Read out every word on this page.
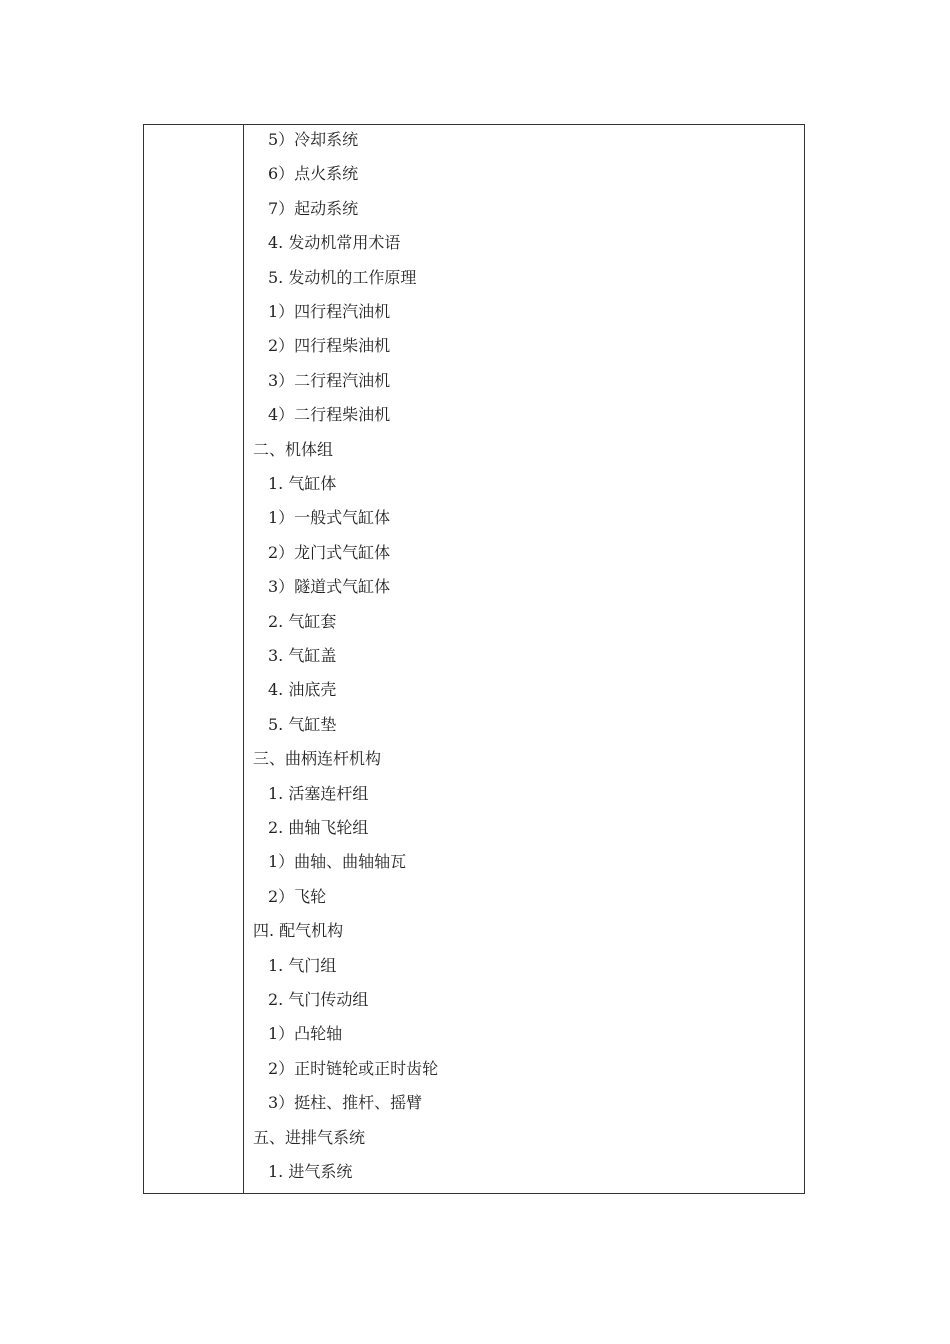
5）冷却系统
6）点火系统
7）起动系统
4. 发动机常用术语
5. 发动机的工作原理
1）四行程汽油机
2）四行程柴油机
3）二行程汽油机
4）二行程柴油机
二、机体组
1. 气缸体
1）一般式气缸体
2）龙门式气缸体
3）隧道式气缸体
2. 气缸套
3. 气缸盖
4. 油底壳
5. 气缸垫
三、曲柄连杆机构
1. 活塞连杆组
2. 曲轴飞轮组
1）曲轴、曲轴轴瓦
2）飞轮
四. 配气机构
1. 气门组
2. 气门传动组
1）凸轮轴
2）正时链轮或正时齿轮
3）挺柱、推杆、摇臂
五、进排气系统
1. 进气系统
